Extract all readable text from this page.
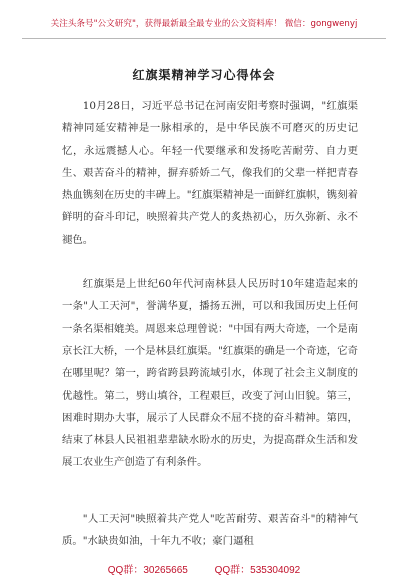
关注头条号"公文研究"，获得最新最全最专业的公文资料库！ 微信：gongwenyj
红旗渠精神学习心得体会

10月28日，习近平总书记在河南安阳考察时强调，"红旗渠精神同延安精神是一脉相承的，是中华民族不可磨灭的历史记忆，永远震撼人心。年轻一代要继承和发扬吃苦耐劳、自力更生、艰苦奋斗的精神，摒弃骄娇二气，像我们的父辈一样把青春热血镌刻在历史的丰碑上。"红旗渠精神是一面鲜红旗帜，镌刻着鲜明的奋斗印记，映照着共产党人的炙热初心，历久弥新、永不褪色。

红旗渠是上世纪60年代河南林县人民历时10年建造起来的一条"人工天河"，誉满华夏，播扬五洲，可以和我国历史上任何一条名渠相媲美。周恩来总理曾说："中国有两大奇迹，一个是南京长江大桥，一个是林县红旗渠。"红旗渠的确是一个奇迹，它奇在哪里呢？第一，跨省跨县跨流域引水，体现了社会主义制度的优越性。第二，劈山填谷，工程艰巨，改变了河山旧貌。第三，困难时期办大事，展示了人民群众不屈不挠的奋斗精神。第四，结束了林县人民祖祖辈辈缺水盼水的历史，为提高群众生活和发展工农业生产创造了有利条件。

"人工天河"映照着共产党人"吃苦耐劳、艰苦奋斗"的精神气质。"水缺贵如油，十年九不收；豪门逼租

QQ群：30265665	QQ群：535304092
